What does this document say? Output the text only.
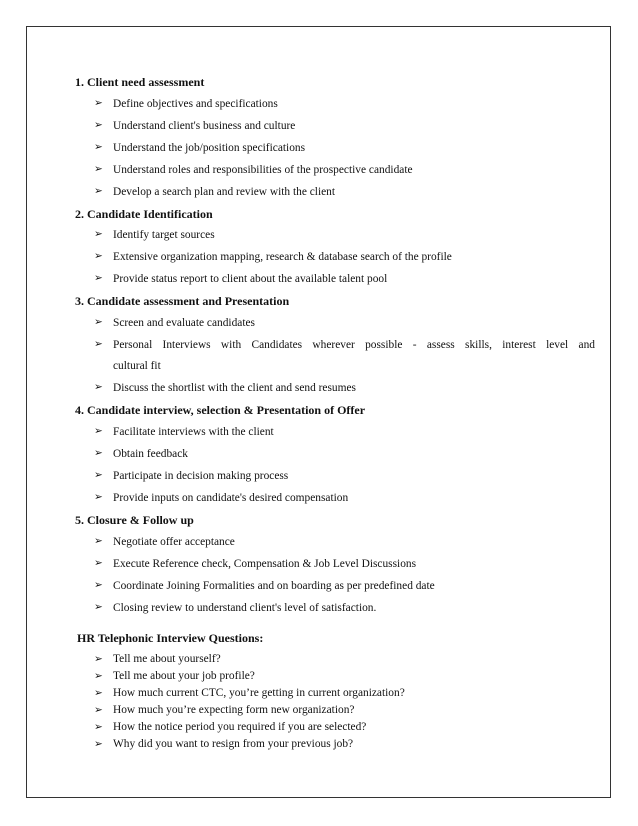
1. Client need assessment

➢ Define objectives and specifications
➢ Understand client's business and culture
➢ Understand the job/position specifications
➢ Understand roles and responsibilities of the prospective candidate
➢ Develop a search plan and review with the client

2. Candidate Identification

➢ Identify target sources
➢ Extensive organization mapping, research & database search of the profile
➢ Provide status report to client about the available talent pool

3. Candidate assessment and Presentation

➢ Screen and evaluate candidates
➢ Personal Interviews with Candidates wherever possible - assess skills, interest level and
cultural fit
➢ Discuss the shortlist with the client and send resumes

4. Candidate interview, selection & Presentation of Offer

➢ Facilitate interviews with the client
➢ Obtain feedback
➢ Participate in decision making process
➢ Provide inputs on candidate's desired compensation

5. Closure & Follow up

➢ Negotiate offer acceptance
➢ Execute Reference check, Compensation & Job Level Discussions
➢ Coordinate Joining Formalities and on boarding as per predefined date
➢ Closing review to understand client's level of satisfaction.

HR Telephonic Interview Questions:

➢ Tell me about yourself?
➢ Tell me about your job profile?
➢ How much current CTC, you’re getting in current organization?
➢ How much you’re expecting form new organization?
➢ How the notice period you required if you are selected?
➢ Why did you want to resign from your previous job?
